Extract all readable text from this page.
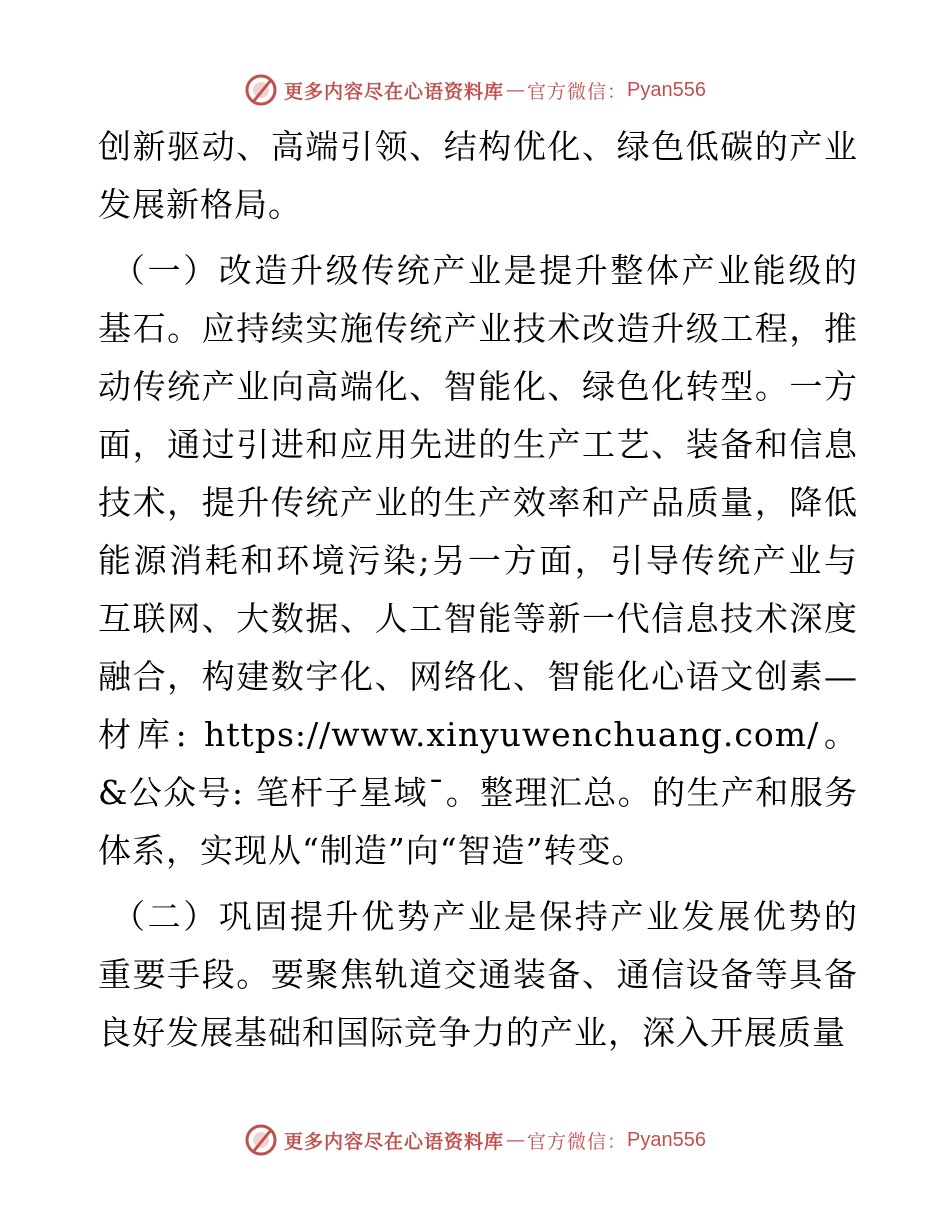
更多内容尽在心语资料库 — 官方微信： Pyan556

创新驱动、高端引领、结构优化、绿色低碳的产业发展新格局。

（一）改造升级传统产业是提升整体产业能级的基石。应持续实施传统产业技术改造升级工程，推动传统产业向高端化、智能化、绿色化转型。一方面，通过引进和应用先进的生产工艺、装备和信息技术，提升传统产业的生产效率和产品质量，降低能源消耗和环境污染;另一方面，引导传统产业与互联网、大数据、人工智能等新一代信息技术深度融合，构建数字化、网络化、智能化心语文创素—材库: https://www.xinyuwenchuang.com/。&公众号: 笔杆子星域¯。整理汇总。的生产和服务体系，实现从“制造”向“智造”转变。

（二）巩固提升优势产业是保持产业发展优势的重要手段。要聚焦轨道交通装备、通信设备等具备良好发展基础和国际竞争力的产业，深入开展质量

更多内容尽在心语资料库 — 官方微信： Pyan556
